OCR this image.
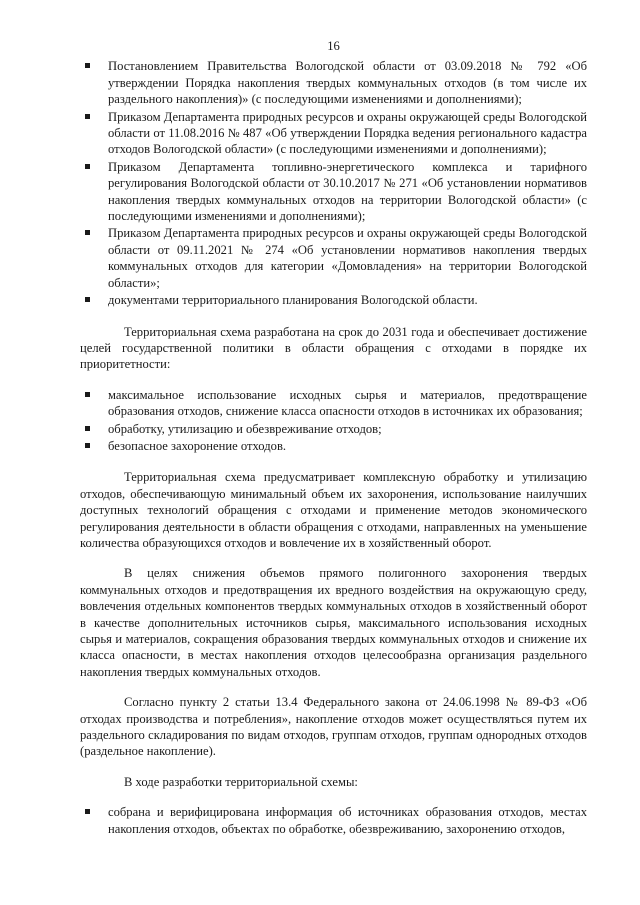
16
Постановлением Правительства Вологодской области от 03.09.2018 № 792 «Об утверждении Порядка накопления твердых коммунальных отходов (в том числе их раздельного накопления)» (с последующими изменениями и дополнениями);
Приказом Департамента природных ресурсов и охраны окружающей среды Вологодской области от 11.08.2016 № 487 «Об утверждении Порядка ведения регионального кадастра отходов Вологодской области» (с последующими изменениями и дополнениями);
Приказом Департамента топливно-энергетического комплекса и тарифного регулирования Вологодской области от 30.10.2017 № 271 «Об установлении нормативов накопления твердых коммунальных отходов на территории Вологодской области» (с последующими изменениями и дополнениями);
Приказом Департамента природных ресурсов и охраны окружающей среды Вологодской области от 09.11.2021 № 274 «Об установлении нормативов накопления твердых коммунальных отходов для категории «Домовладения» на территории Вологодской области»;
документами территориального планирования Вологодской области.

Территориальная схема разработана на срок до 2031 года и обеспечивает достижение целей государственной политики в области обращения с отходами в порядке их приоритетности:

максимальное использование исходных сырья и материалов, предотвращение образования отходов, снижение класса опасности отходов в источниках их образования;
обработку, утилизацию и обезвреживание отходов;
безопасное захоронение отходов.

Территориальная схема предусматривает комплексную обработку и утилизацию отходов, обеспечивающую минимальный объем их захоронения, использование наилучших доступных технологий обращения с отходами и применение методов экономического регулирования деятельности в области обращения с отходами, направленных на уменьшение количества образующихся отходов и вовлечение их в хозяйственный оборот.

В целях снижения объемов прямого полигонного захоронения твердых коммунальных отходов и предотвращения их вредного воздействия на окружающую среду, вовлечения отдельных компонентов твердых коммунальных отходов в хозяйственный оборот в качестве дополнительных источников сырья, максимального использования исходных сырья и материалов, сокращения образования твердых коммунальных отходов и снижение их класса опасности, в местах накопления отходов целесообразна организация раздельного накопления твердых коммунальных отходов.

Согласно пункту 2 статьи 13.4 Федерального закона от 24.06.1998 № 89-ФЗ «Об отходах производства и потребления», накопление отходов может осуществляться путем их раздельного складирования по видам отходов, группам отходов, группам однородных отходов (раздельное накопление).

В ходе разработки территориальной схемы:

собрана и верифицирована информация об источниках образования отходов, местах накопления отходов, объектах по обработке, обезвреживанию, захоронению отходов,
